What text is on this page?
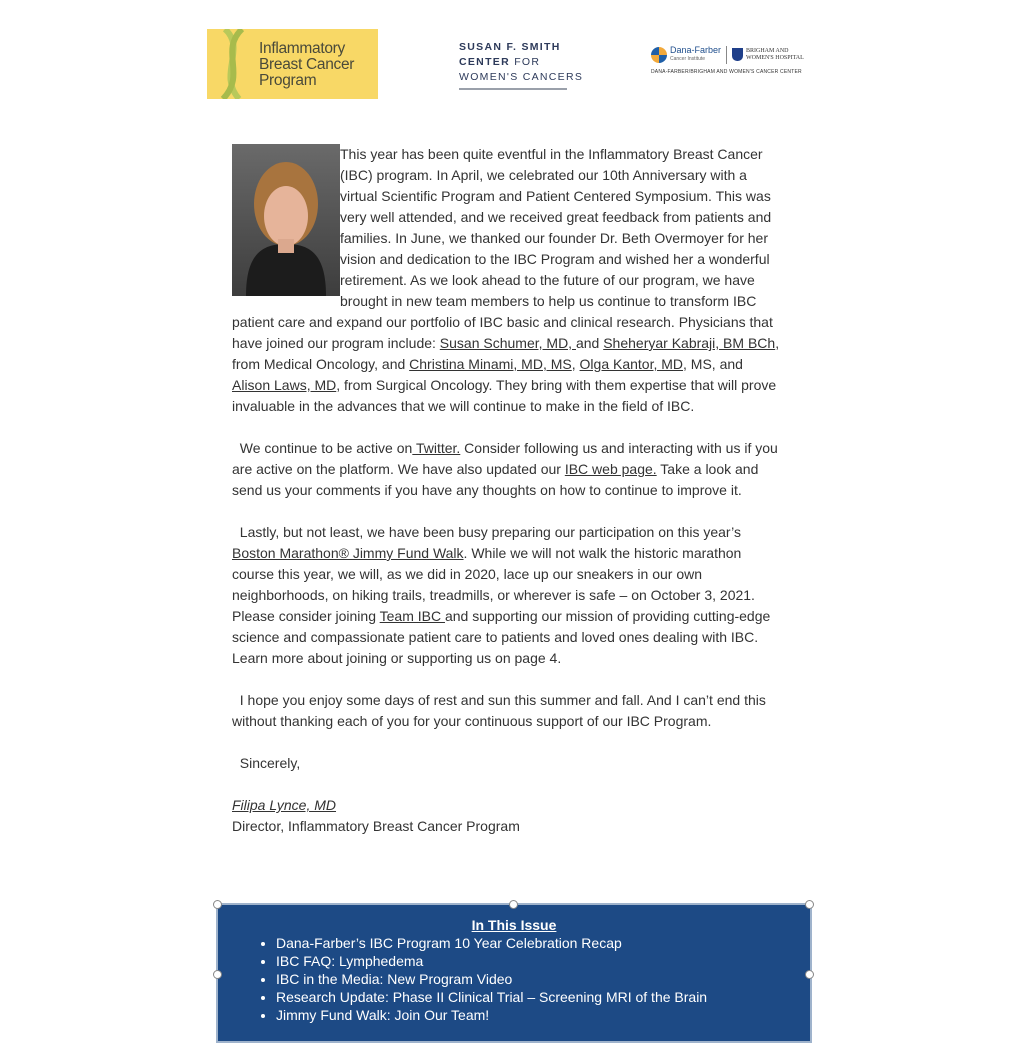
Inflammatory
Breast Cancer
Program
SUSAN F. SMITH
CENTER FOR
WOMEN'S CANCERS
Dana-Farber
Cancer Institute
BRIGHAM AND
WOMEN'S HOSPITAL
DANA-FARBER/BRIGHAM AND WOMEN'S CANCER CENTER
This year has been quite eventful in the Inflammatory Breast Cancer
(IBC) program. In April, we celebrated our 10th Anniversary with a
virtual Scientific Program and Patient Centered Symposium. This was
very well attended, and we received great feedback from patients and
families. In June, we thanked our founder Dr. Beth Overmoyer for her
vision and dedication to the IBC Program and wished her a wonderful
retirement. As we look ahead to the future of our program, we have
brought in new team members to help us continue to transform IBC
patient care and expand our portfolio of IBC basic and clinical research. Physicians that
have joined our program include: Susan Schumer, MD, and Sheheryar Kabraji, BM BCh,
from Medical Oncology, and Christina Minami, MD, MS, Olga Kantor, MD, MS, and
Alison Laws, MD, from Surgical Oncology. They bring with them expertise that will prove
invaluable in the advances that we will continue to make in the field of IBC.
We continue to be active on Twitter. Consider following us and interacting with us if you
are active on the platform. We have also updated our IBC web page. Take a look and
send us your comments if you have any thoughts on how to continue to improve it.
Lastly, but not least, we have been busy preparing our participation on this year’s
Boston Marathon® Jimmy Fund Walk. While we will not walk the historic marathon
course this year, we will, as we did in 2020, lace up our sneakers in our own
neighborhoods, on hiking trails, treadmills, or wherever is safe – on October 3, 2021.
Please consider joining Team IBC and supporting our mission of providing cutting-edge
science and compassionate patient care to patients and loved ones dealing with IBC.
Learn more about joining or supporting us on page 4.
I hope you enjoy some days of rest and sun this summer and fall. And I can’t end this
without thanking each of you for your continuous support of our IBC Program.
Sincerely,
Filipa Lynce, MD
Director, Inflammatory Breast Cancer Program
In This Issue
• Dana-Farber’s IBC Program 10 Year Celebration Recap
• IBC FAQ: Lymphedema
• IBC in the Media: New Program Video
• Research Update: Phase II Clinical Trial – Screening MRI of the Brain
• Jimmy Fund Walk: Join Our Team!
